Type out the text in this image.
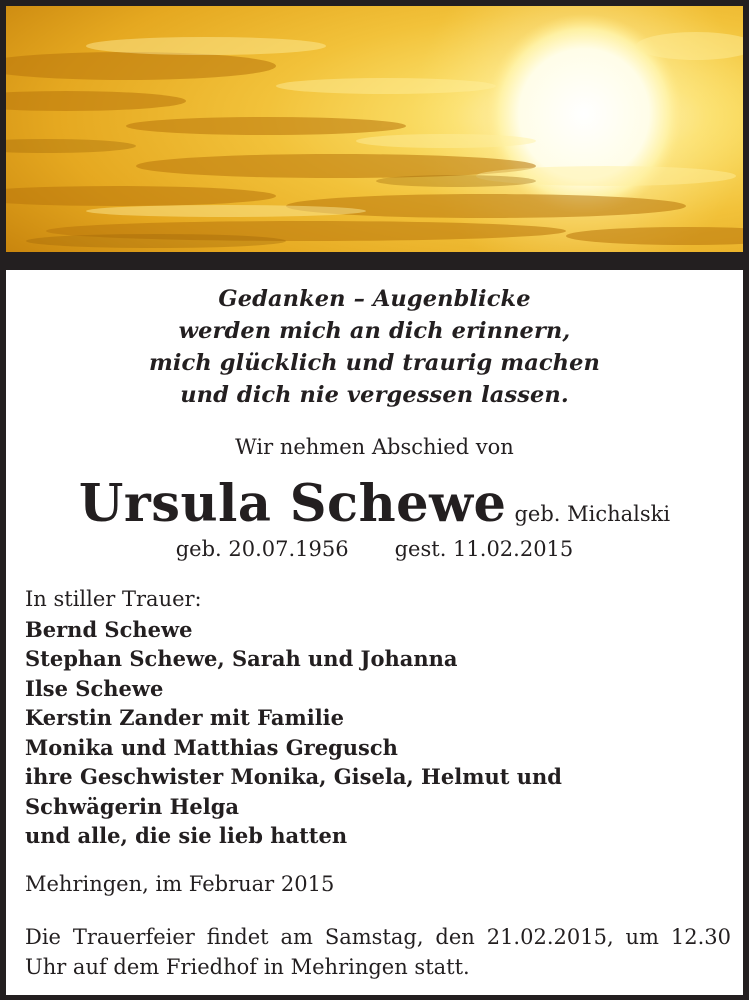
Gedanken – Augenblicke
werden mich an dich erinnern,
mich glücklich und traurig machen
und dich nie vergessen lassen.
Wir nehmen Abschied von
Ursula Schewe geb. Michalski
geb. 20.07.1956 gest. 11.02.2015
In stiller Trauer:
Bernd Schewe
Stephan Schewe, Sarah und Johanna
Ilse Schewe
Kerstin Zander mit Familie
Monika und Matthias Gregusch
ihre Geschwister Monika, Gisela, Helmut und
Schwägerin Helga
und alle, die sie lieb hatten
Mehringen, im Februar 2015
Die Trauerfeier findet am Samstag, den 21.02.2015, um 12.30 Uhr auf dem Friedhof in Mehringen statt.
